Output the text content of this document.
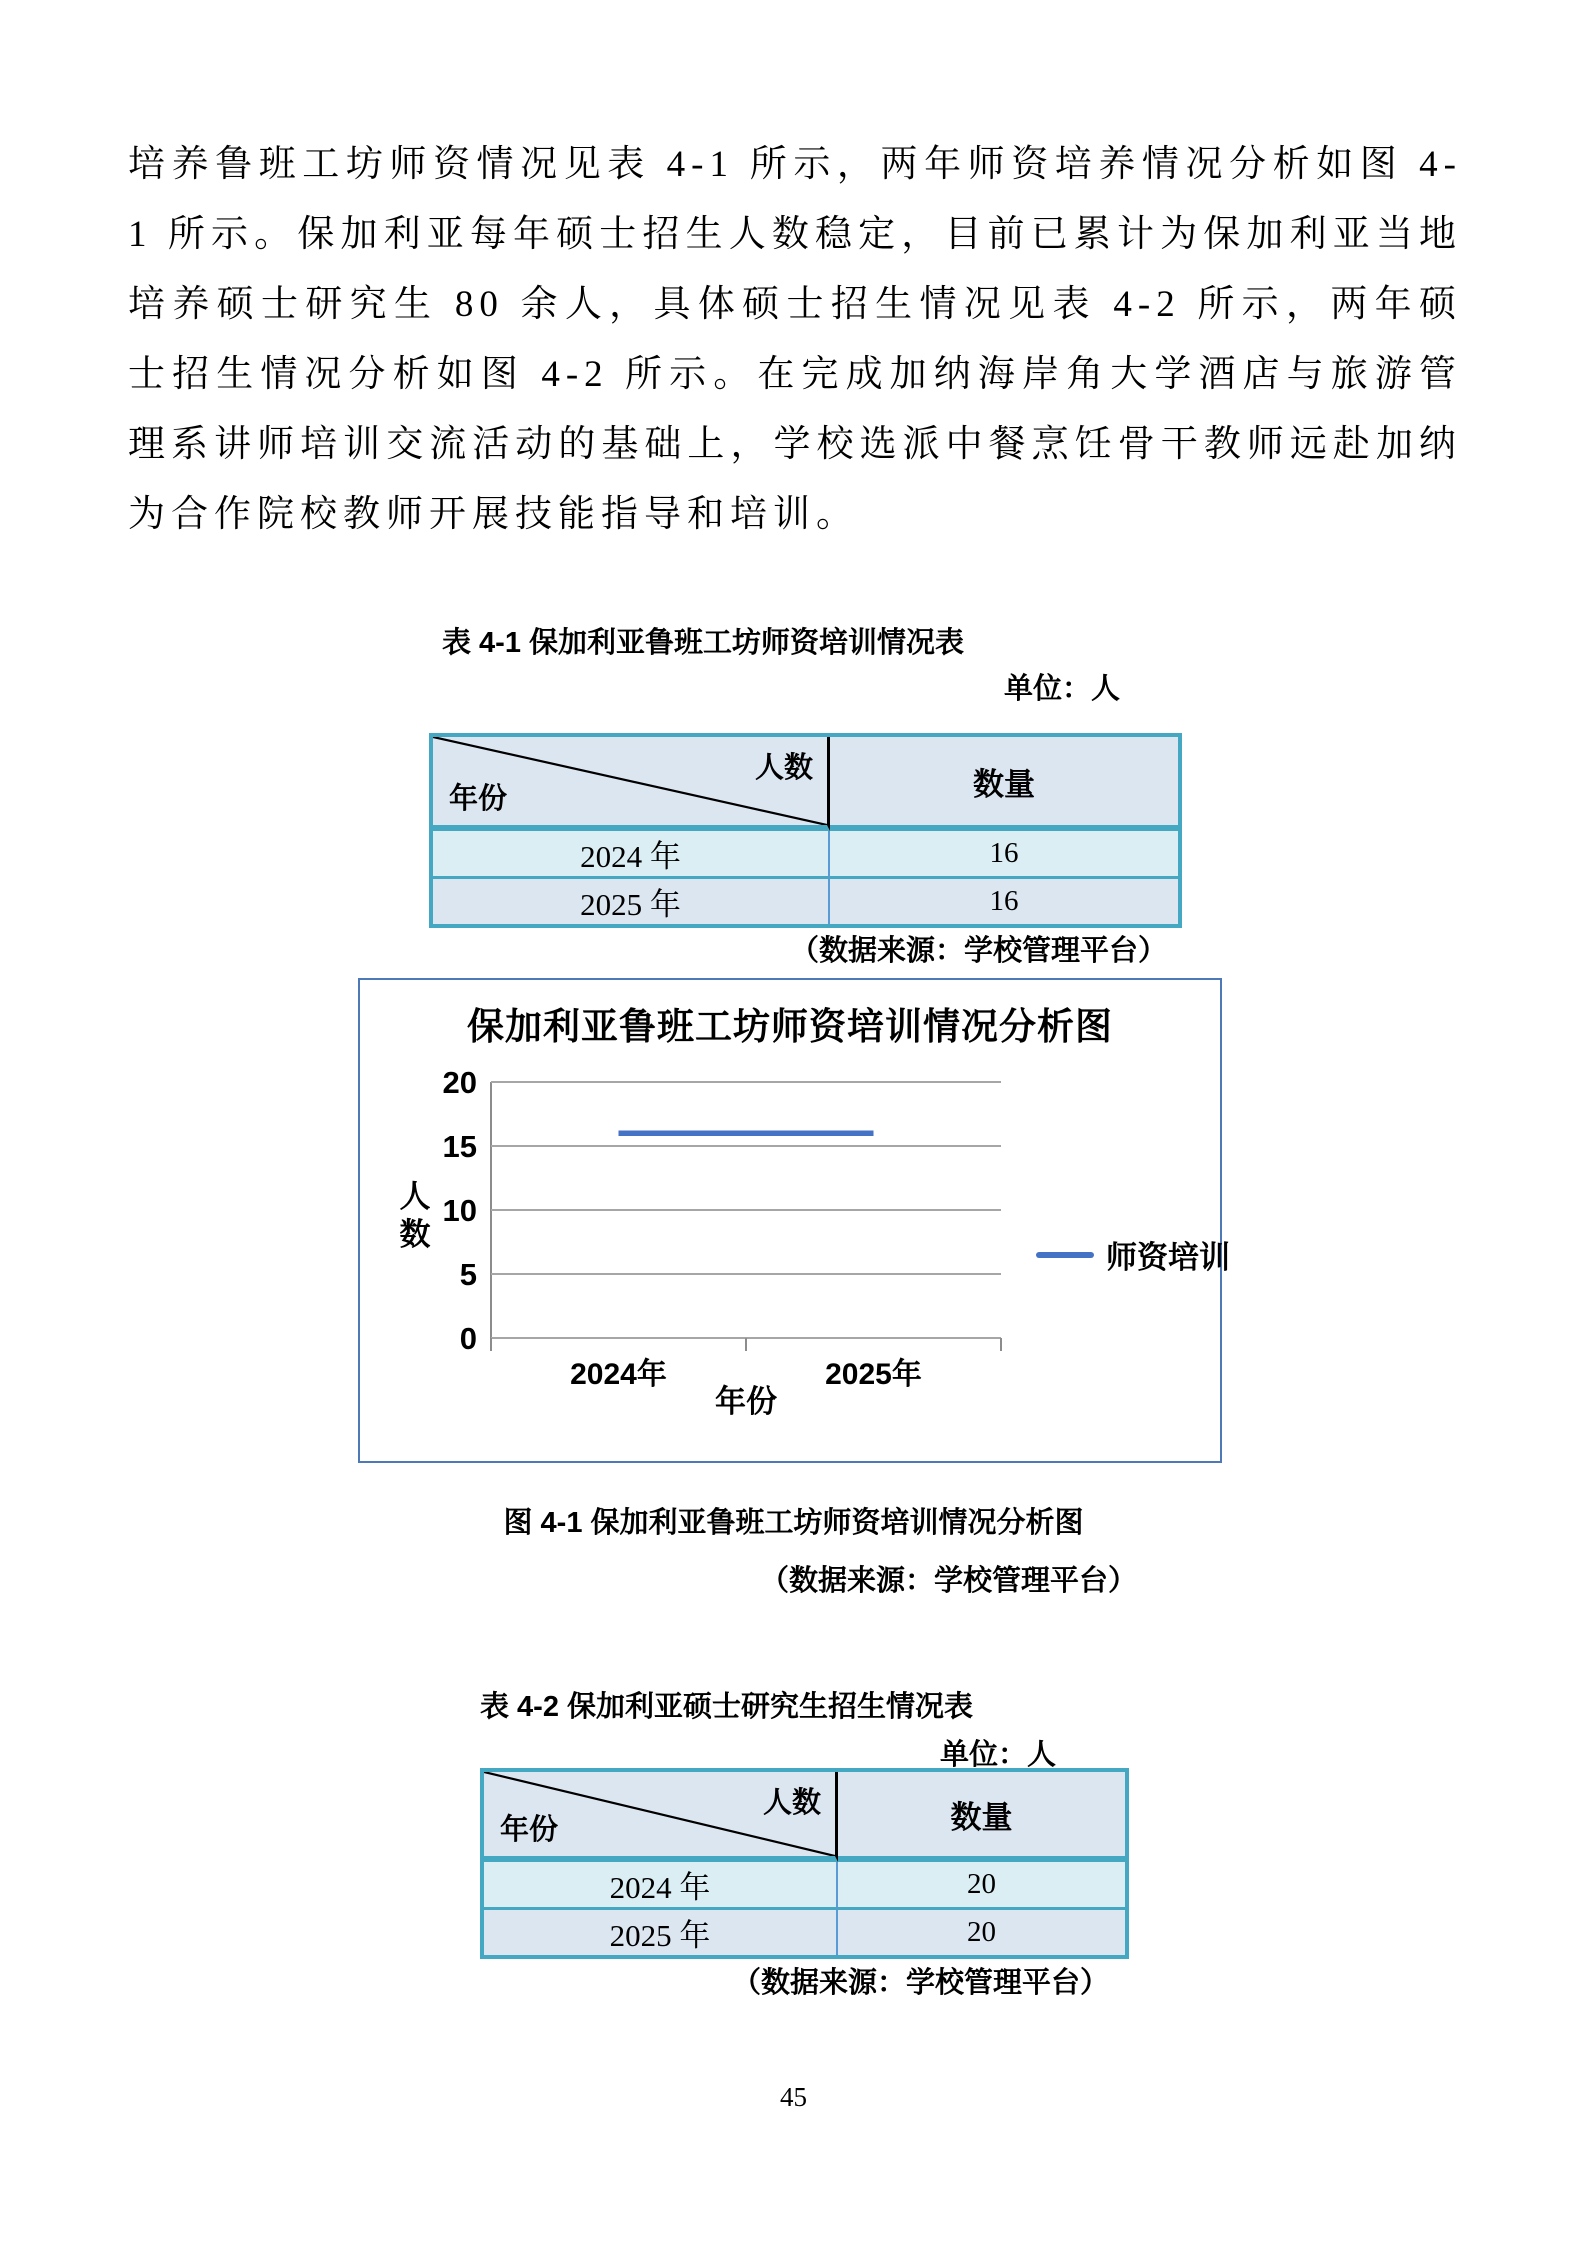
培养鲁班工坊师资情况见表 4-1 所示，两年师资培养情况分析如图 4-1 所示。保加利亚每年硕士招生人数稳定，目前已累计为保加利亚当地培养硕士研究生 80 余人，具体硕士招生情况见表 4-2 所示，两年硕士招生情况分析如图 4-2 所示。在完成加纳海岸角大学酒店与旅游管理系讲师培训交流活动的基础上，学校选派中餐烹饪骨干教师远赴加纳为合作院校教师开展技能指导和培训。

表 4-1 保加利亚鲁班工坊师资培训情况表
单位：人
人数
年份	数量
2024 年	16
2025 年	16
（数据来源：学校管理平台）
保加利亚鲁班工坊师资培训情况分析图
人数
师资培训
年份
0
5
10
15
20
2024年	2025年
图 4-1 保加利亚鲁班工坊师资培训情况分析图
（数据来源：学校管理平台）
表 4-2 保加利亚硕士研究生招生情况表
单位：人
人数
年份	数量
2024 年	20
2025 年	20
（数据来源：学校管理平台）
45
